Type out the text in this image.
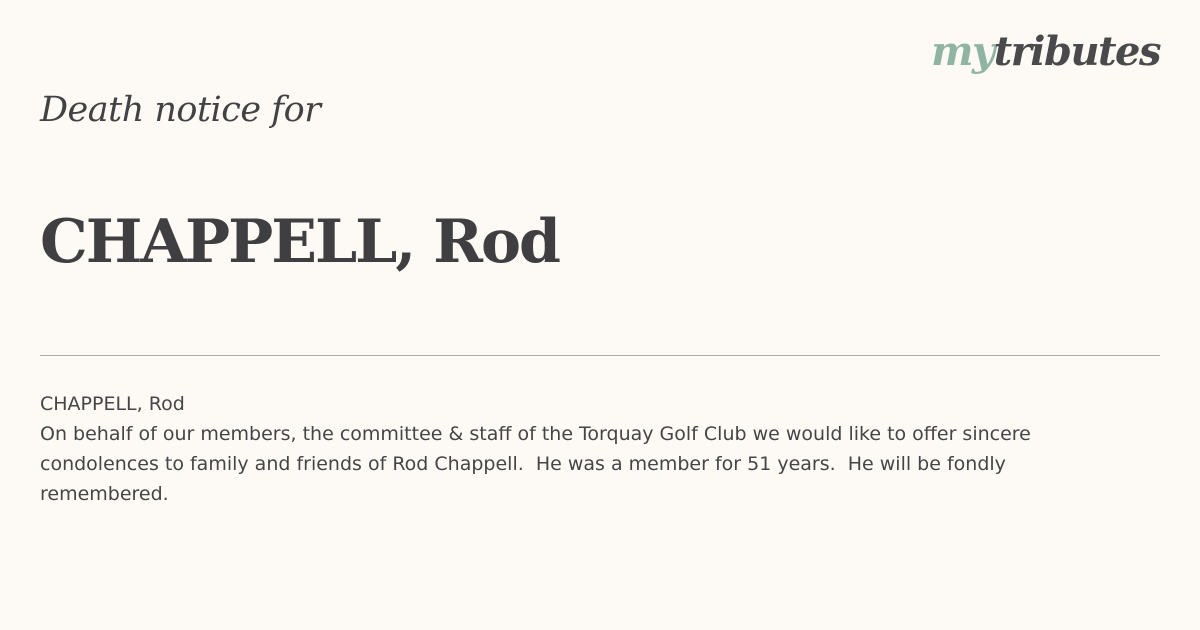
mytributes
Death notice for
CHAPPELL, Rod

CHAPPELL, Rod

On behalf of our members, the committee & staff of the Torquay Golf Club we would like to offer sincere condolences to family and friends of Rod Chappell.  He was a member for 51 years.  He will be fondly remembered.
